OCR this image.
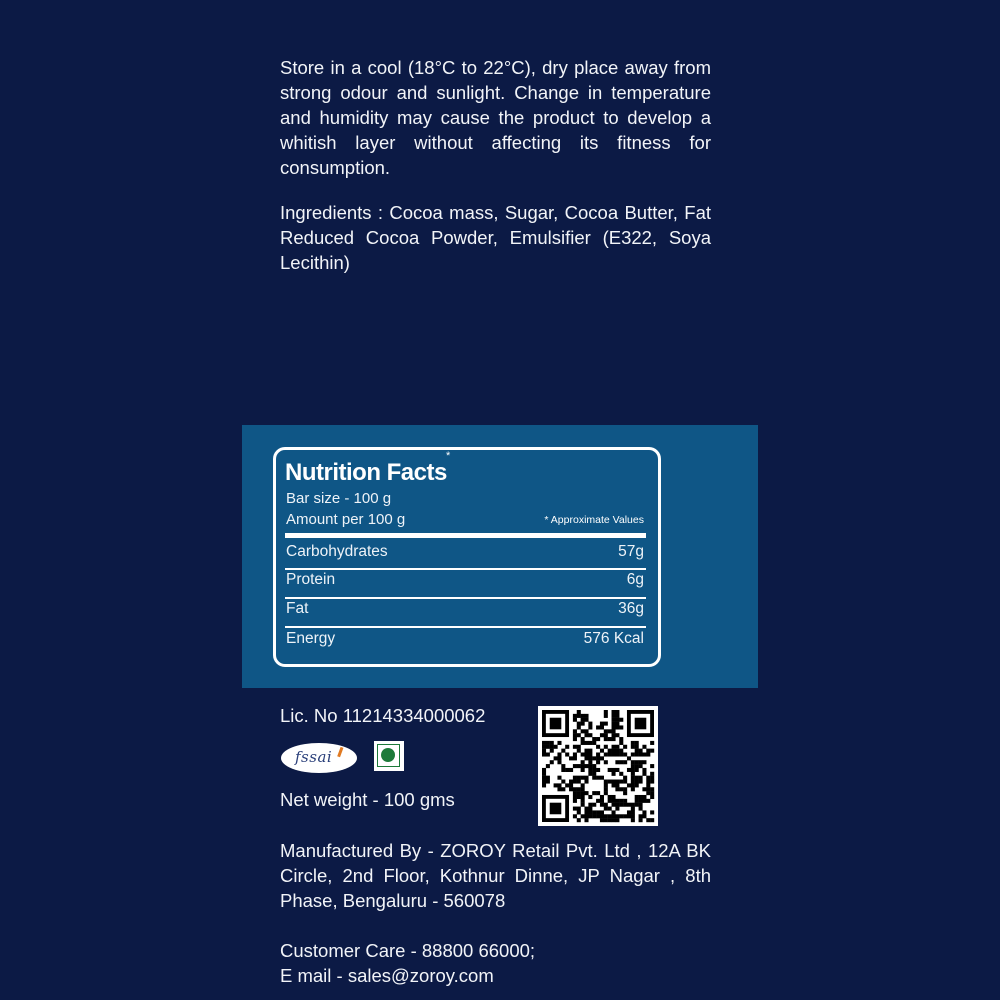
Store in a cool (18°C to 22°C), dry place away from strong odour and sunlight. Change in temperature and humidity may cause the product to develop a whitish layer without affecting its fitness for consumption.
Ingredients : Cocoa mass, Sugar, Cocoa Butter, Fat Reduced Cocoa Powder, Emulsifier (E322, Soya Lecithin)
Nutrition Facts
*
Bar size - 100 g
Amount per 100 g	* Approximate Values
Carbohydrates	57g
Protein	6g
Fat	36g
Energy	576 Kcal
Lic. No 11214334000062
fssai
Net weight - 100 gms
Manufactured By - ZOROY Retail Pvt. Ltd , 12A BK Circle, 2nd Floor, Kothnur Dinne, JP Nagar , 8th Phase, Bengaluru - 560078
Customer Care - 88800 66000;
E mail - sales@zoroy.com
